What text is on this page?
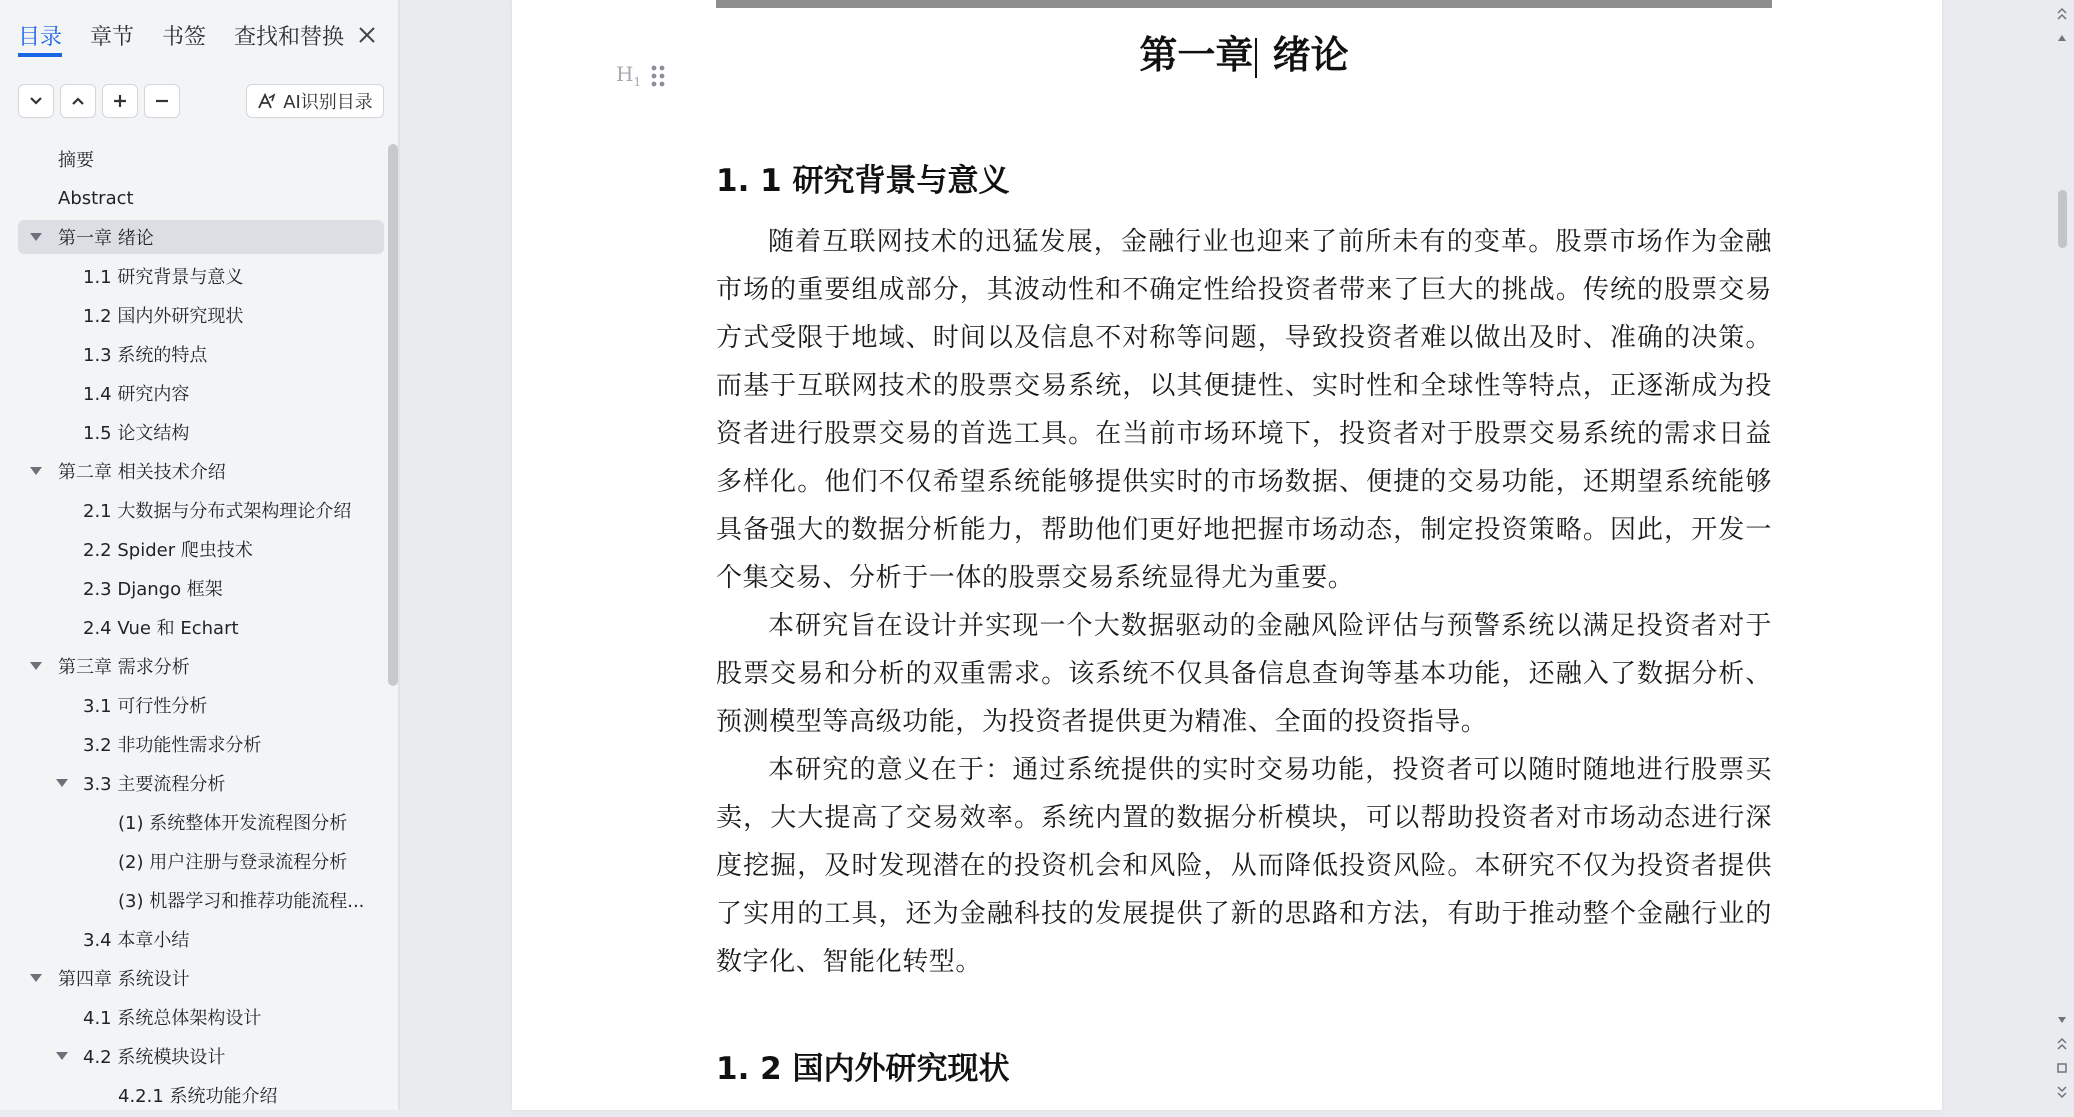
目录 章节 书签 查找和替换
AI识别目录
摘要
Abstract
第一章 绪论
1.1 研究背景与意义
1.2 国内外研究现状
1.3 系统的特点
1.4 研究内容
1.5 论文结构
第二章 相关技术介绍
2.1 大数据与分布式架构理论介绍
2.2 Spider 爬虫技术
2.3 Django 框架
2.4 Vue 和 Echart
第三章 需求分析
3.1 可行性分析
3.2 非功能性需求分析
3.3 主要流程分析
(1) 系统整体开发流程图分析
(2) 用户注册与登录流程分析
(3) 机器学习和推荐功能流程...
3.4 本章小结
第四章 系统设计
4.1 系统总体架构设计
4.2 系统模块设计
4.2.1 系统功能介绍
$H_1$
第一章 绪论
1. 1 研究背景与意义

随着互联网技术的迅猛发展，金融行业也迎来了前所未有的变革。股票市场作为金融市场的重要组成部分，其波动性和不确定性给投资者带来了巨大的挑战。传统的股票交易方式受限于地域、时间以及信息不对称等问题，导致投资者难以做出及时、准确的决策。而基于互联网技术的股票交易系统，以其便捷性、实时性和全球性等特点，正逐渐成为投资者进行股票交易的首选工具。在当前市场环境下，投资者对于股票交易系统的需求日益多样化。他们不仅希望系统能够提供实时的市场数据、便捷的交易功能，还期望系统能够具备强大的数据分析能力，帮助他们更好地把握市场动态，制定投资策略。因此，开发一个集交易、分析于一体的股票交易系统显得尤为重要。

本研究旨在设计并实现一个大数据驱动的金融风险评估与预警系统以满足投资者对于股票交易和分析的双重需求。该系统不仅具备信息查询等基本功能，还融入了数据分析、预测模型等高级功能，为投资者提供更为精准、全面的投资指导。

本研究的意义在于：通过系统提供的实时交易功能，投资者可以随时随地进行股票买卖，大大提高了交易效率。系统内置的数据分析模块，可以帮助投资者对市场动态进行深度挖掘，及时发现潜在的投资机会和风险，从而降低投资风险。本研究不仅为投资者提供了实用的工具，还为金融科技的发展提供了新的思路和方法，有助于推动整个金融行业的数字化、智能化转型。

1. 2 国内外研究现状
